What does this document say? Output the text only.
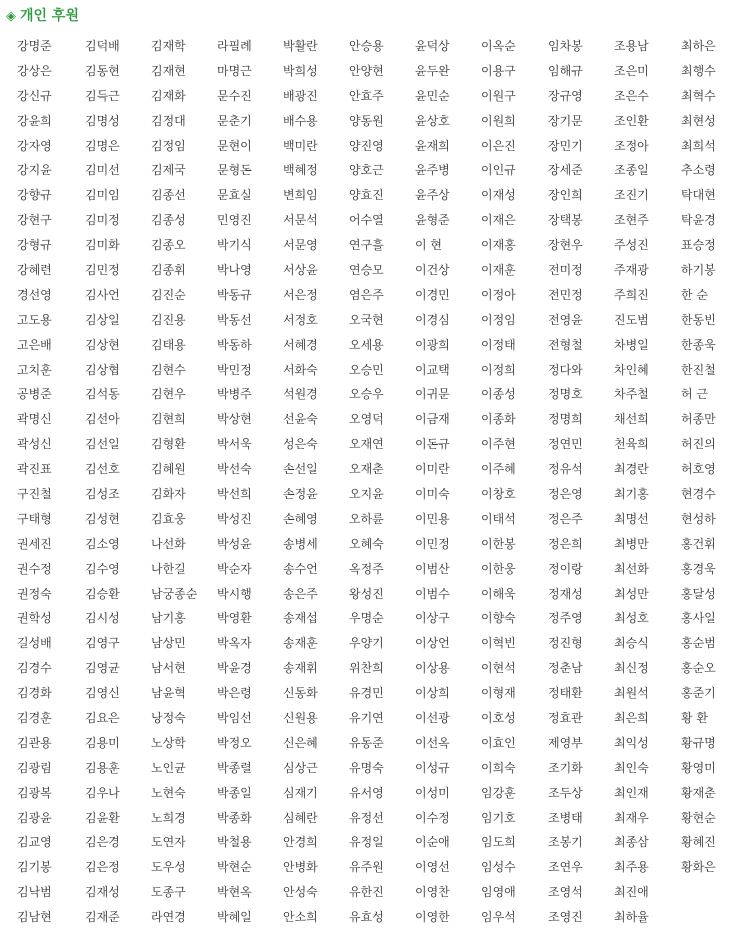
◈ 개인 후원
강명준	김덕배	김재학	라필례	박활란	안승용	윤덕상	이옥순	임차봉	조용남	최하은
강상은	김동현	김재현	마명근	박희성	안양현	윤두완	이용구	임해규	조은미	최행수
강신규	김득근	김재화	문수진	배광진	안효주	윤민순	이원구	장규영	조은수	최혁수
강윤희	김명성	김정대	문춘기	배수용	양동원	윤상호	이원희	장기문	조인환	최현성
강자영	김명은	김정임	문현이	백미란	양진영	윤재희	이은진	장민기	조정아	최희석
강지윤	김미선	김제국	문형돈	백혜정	양호근	윤주병	이인규	장세준	조종일	추소령
강향규	김미임	김종선	문효실	변희임	양효진	윤주상	이재성	장인희	조진기	탁대현
강현구	김미정	김종성	민영진	서문석	어수열	윤형준	이재은	장택봉	조현주	탁윤경
강형규	김미화	김종오	박기식	서문영	연구흘	이 현	이재홍	장현우	주성진	표승정
강혜련	김민정	김종휘	박나영	서상윤	연승모	이건상	이재훈	전미정	주재광	하기봉
경선영	김사언	김진순	박동규	서은정	염은주	이경민	이정아	전민정	주희진	한 순
고도용	김상일	김진용	박동선	서정호	오국현	이경심	이정임	전영윤	진도범	한동빈
고은배	김상현	김태용	박동하	서혜경	오세용	이광희	이정태	전형철	차병일	한종욱
고치훈	김상협	김현수	박민정	서화숙	오승민	이교택	이정희	정다와	차인혜	한진철
공병준	김석동	김현우	박병주	석원경	오승우	이귀문	이종성	정명호	차주철	허 근
곽명신	김선아	김현희	박상현	선윤숙	오영덕	이금재	이종화	정명희	채선희	허종만
곽성신	김선일	김형환	박서욱	성은숙	오재연	이돈규	이주현	정연민	천육희	허진의
곽진표	김선호	김혜원	박선숙	손선일	오재춘	이미란	이주혜	정유석	최경란	허호영
구진철	김성조	김화자	박선희	손정윤	오지윤	이미숙	이창호	정은영	최기홍	현경수
구태형	김성현	김효웅	박성진	손혜영	오하륜	이민용	이태석	정은주	최명선	현성하
권세진	김소영	나선화	박성윤	송병세	오혜숙	이민정	이한봉	정은희	최병만	홍건휘
권수정	김수영	나한길	박순자	송수언	옥정주	이범산	이한웅	정이랑	최선화	홍경욱
권정숙	김승환	남궁종순	박시행	송은주	왕성진	이범수	이해욱	정재성	최성만	홍달성
권학성	김시성	남기홍	박영환	송재섭	우명순	이상구	이향숙	정주영	최성호	홍사일
길성배	김영구	남상민	박옥자	송재훈	우양기	이상언	이혁빈	정진형	최승식	홍순범
김경수	김영균	남서현	박윤경	송재휘	위찬희	이상용	이현석	정춘남	최신정	홍순오
김경화	김영신	남윤혁	박은령	신동화	유경민	이상희	이형재	정태환	최원석	홍준기
김경훈	김요은	낭정숙	박임선	신원용	유기연	이선광	이호성	정효관	최은희	황 환
김관용	김용미	노상학	박정오	신은혜	유동준	이선옥	이효인	제영부	최익성	황규명
김광림	김용훈	노인균	박종렬	심상근	유명숙	이성규	이희숙	조기화	최인숙	황영미
김광복	김우나	노현숙	박종일	심재기	유서영	이성미	임강훈	조두상	최인재	황재춘
김광윤	김윤환	노희경	박종화	심혜란	유정선	이수정	임기호	조병태	최재우	황현순
김교영	김은경	도연자	박철용	안경희	유정일	이순애	임도희	조봉기	최종삼	황혜진
김기봉	김은정	도우성	박현순	안병화	유주원	이영선	임성수	조연우	최주용	황화은
김낙범	김재성	도종구	박현옥	안성숙	유한진	이영찬	임영애	조영석	최진애	
김남현	김재준	라연경	박혜일	안소희	유효성	이영한	임우석	조영진	최하율	
